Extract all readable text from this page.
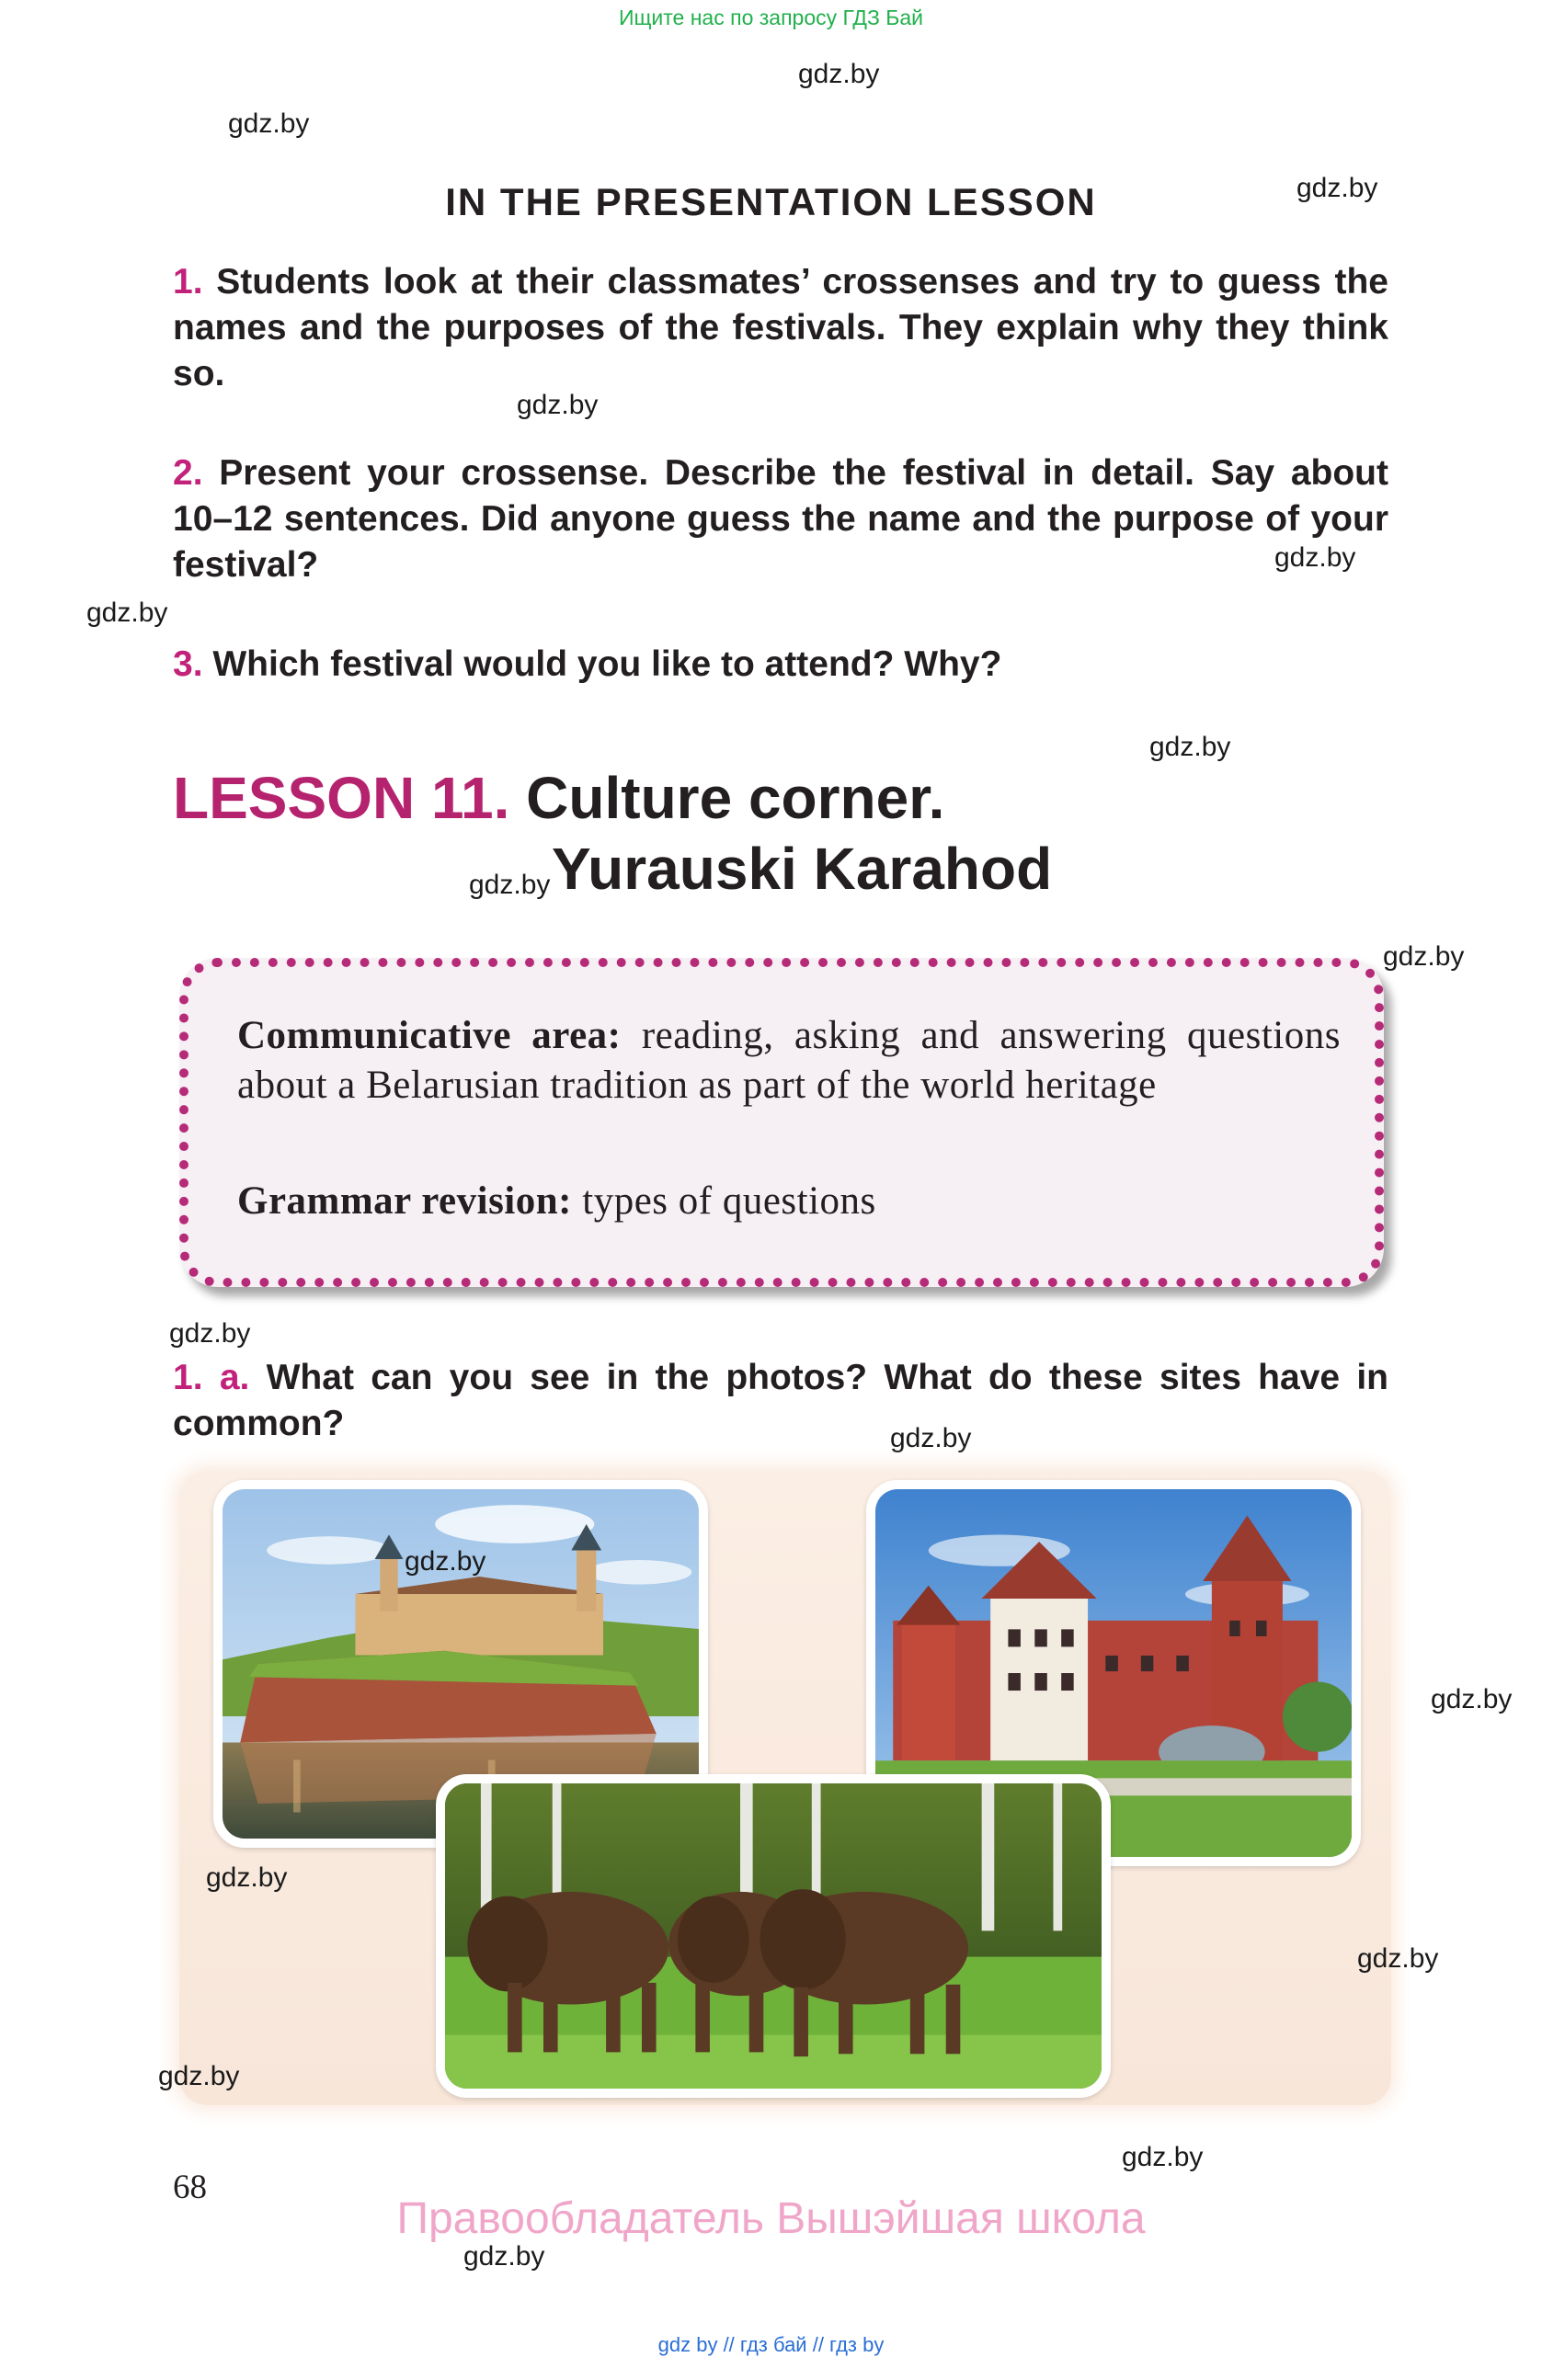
Ищите нас по запросу ГДЗ Бай
gdz.by
gdz.by
gdz.by
gdz.by
gdz.by
gdz.by
gdz.by
gdz.by
gdz.by
gdz.by
gdz.by
IN THE PRESENTATION LESSON
1. Students look at their classmates’ crossenses and try to guess the names and the purposes of the festivals. They explain why they think so.
2. Present your crossense. Describe the festival in detail. Say about 10–12 sentences. Did anyone guess the name and the purpose of your festival?
3. Which festival would you like to attend? Why?
LESSON 11. Culture corner.
Yurauski Karahod
Communicative area: reading, asking and answering questions about a Belarusian tradition as part of the world heritage
Grammar revision: types of questions
1. a. What can you see in the photos? What do these sites have in common?
gdz.by
gdz.by
gdz.by
gdz.by
gdz.by
gdz.by
gdz.by
68
Правообладатель Вышэйшая школа
gdz by // гдз бай // гдз by
